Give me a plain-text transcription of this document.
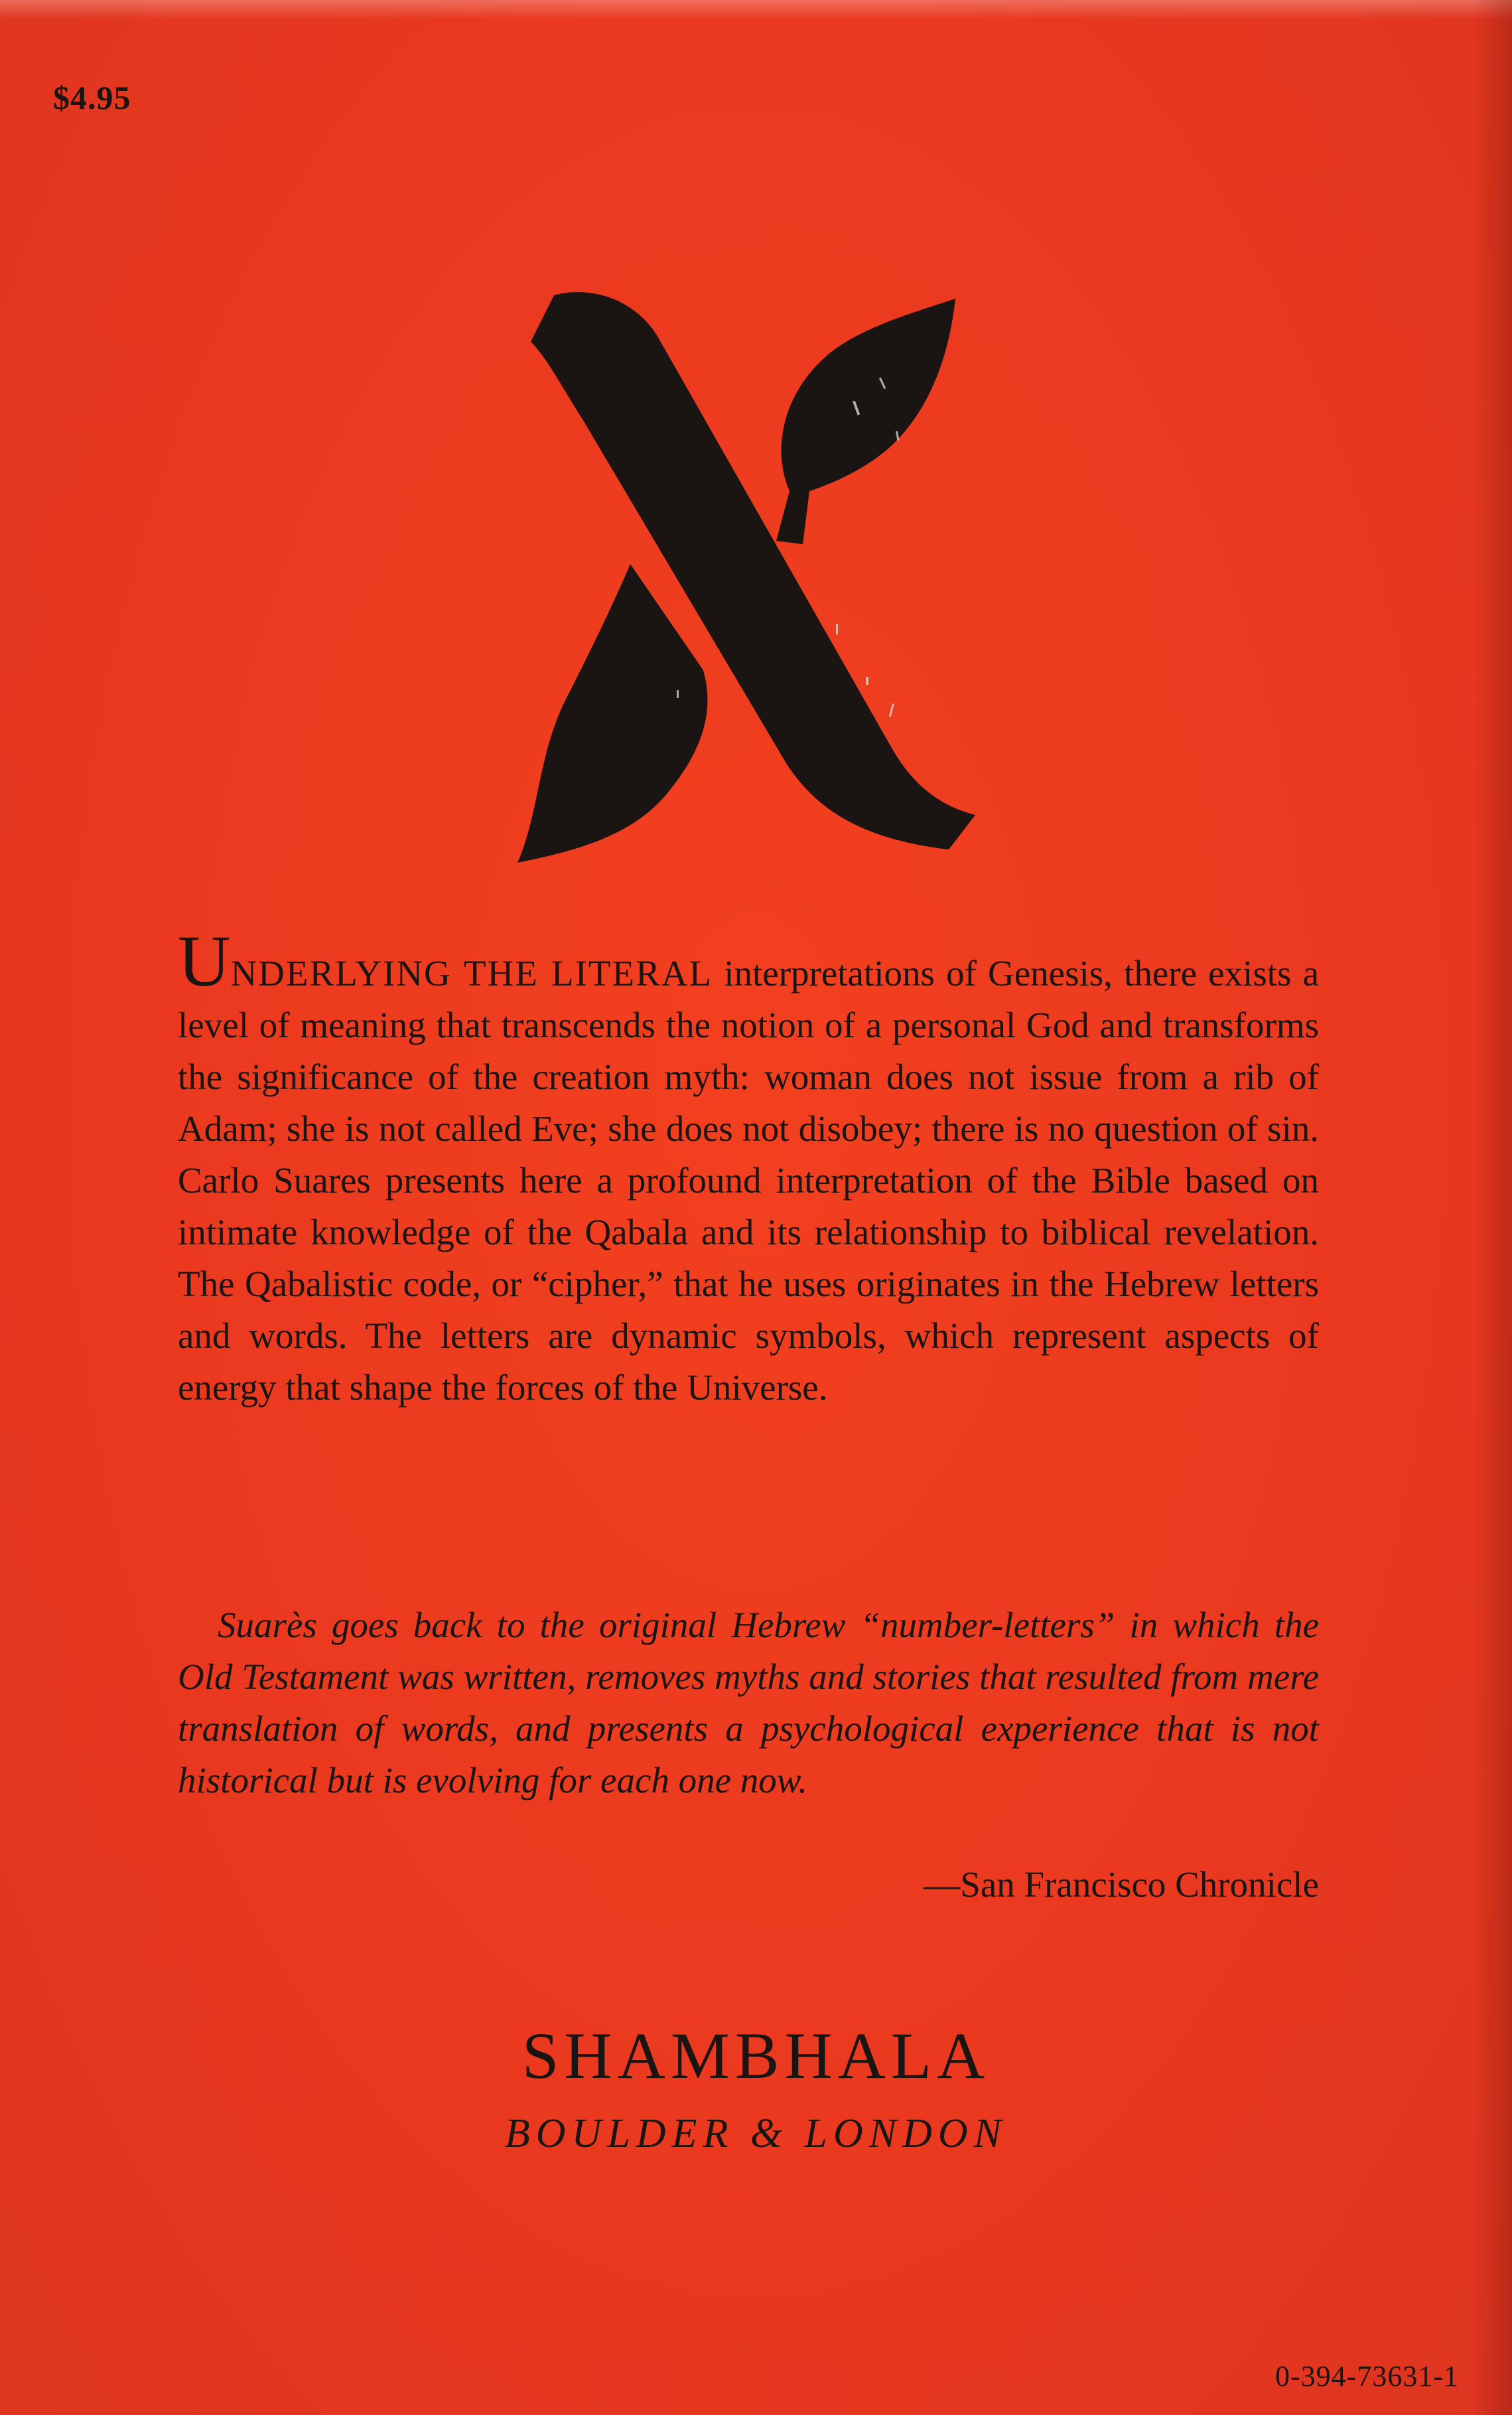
$4.95

UNDERLYING THE LITERAL interpretations of Genesis, there exists a level of meaning that transcends the notion of a personal God and transforms the significance of the creation myth: woman does not issue from a rib of Adam; she is not called Eve; she does not disobey; there is no question of sin. Carlo Suares presents here a profound interpretation of the Bible based on intimate knowledge of the Qabala and its relationship to biblical revelation. The Qabalistic code, or “cipher,” that he uses originates in the Hebrew letters and words. The letters are dynamic symbols, which represent aspects of energy that shape the forces of the Universe.

Suarès goes back to the original Hebrew “number-letters” in which the Old Testament was written, removes myths and stories that resulted from mere translation of words, and presents a psychological experience that is not historical but is evolving for each one now.

—San Francisco Chronicle
SHAMBHALA
BOULDER & LONDON
0-394-73631-1
